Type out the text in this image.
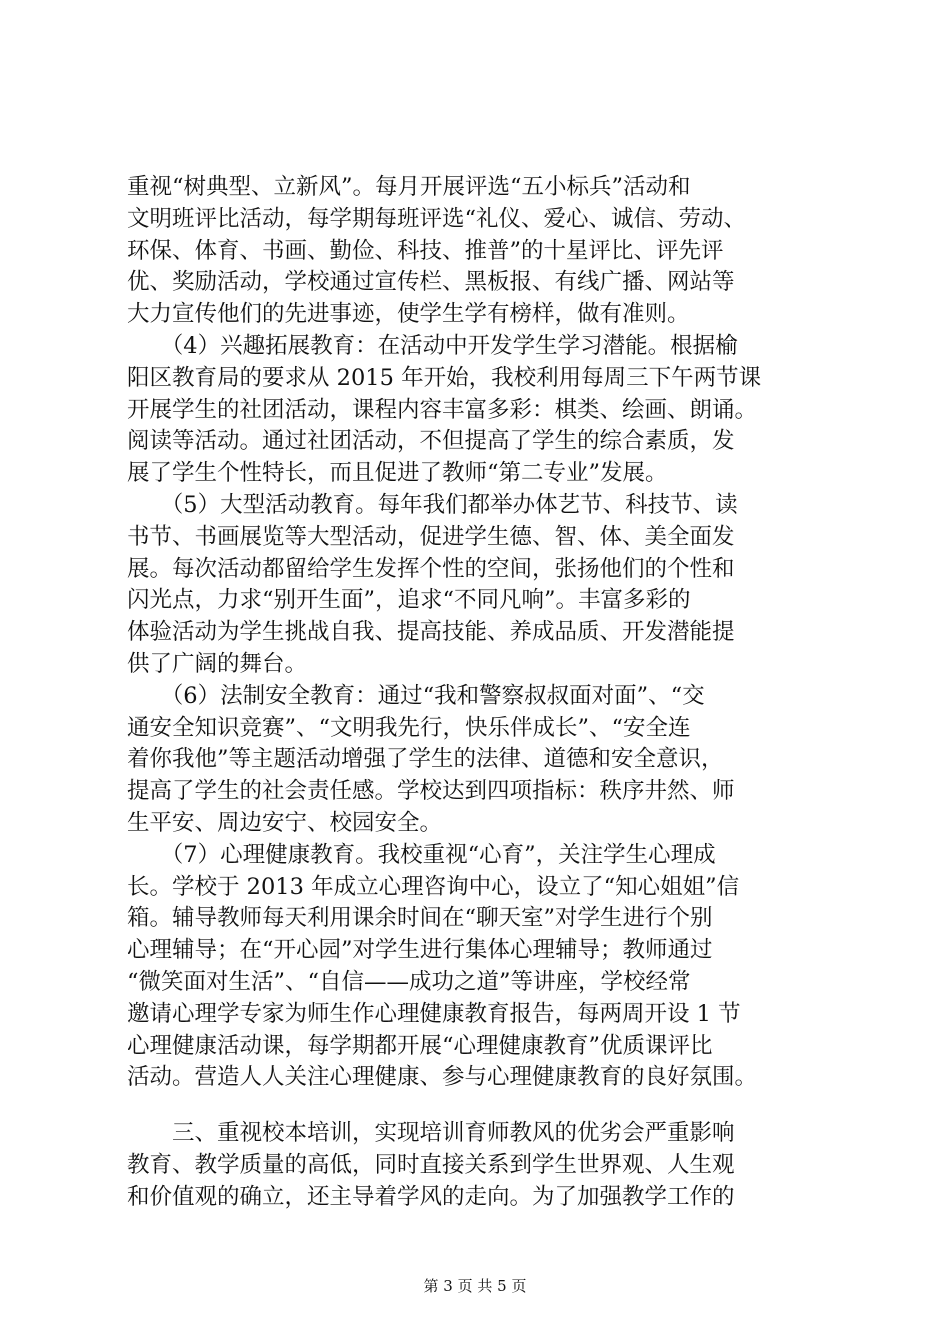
重视“树典型、立新风”。每月开展评选“五小标兵”活动和
文明班评比活动，每学期每班评选“礼仪、爱心、诚信、劳动、
环保、体育、书画、勤俭、科技、推普”的十星评比、评先评
优、奖励活动，学校通过宣传栏、黑板报、有线广播、网站等
大力宣传他们的先进事迹，使学生学有榜样，做有准则。
　　（4）兴趣拓展教育：在活动中开发学生学习潜能。根据榆
阳区教育局的要求从 2015 年开始，我校利用每周三下午两节课
开展学生的社团活动，课程内容丰富多彩：棋类、绘画、朗诵。
阅读等活动。通过社团活动，不但提高了学生的综合素质，发
展了学生个性特长，而且促进了教师“第二专业”发展。
　　（5）大型活动教育。每年我们都举办体艺节、科技节、读
书节、书画展览等大型活动，促进学生德、智、体、美全面发
展。每次活动都留给学生发挥个性的空间，张扬他们的个性和
闪光点，力求“别开生面”，追求“不同凡响”。丰富多彩的
体验活动为学生挑战自我、提高技能、养成品质、开发潜能提
供了广阔的舞台。
　　（6）法制安全教育：通过“我和警察叔叔面对面”、“交
通安全知识竞赛”、“文明我先行，快乐伴成长”、“安全连
着你我他”等主题活动增强了学生的法律、道德和安全意识，
提高了学生的社会责任感。学校达到四项指标：秩序井然、师
生平安、周边安宁、校园安全。
　　（7）心理健康教育。我校重视“心育”，关注学生心理成
长。学校于 2013 年成立心理咨询中心，设立了“知心姐姐”信
箱。辅导教师每天利用课余时间在“聊天室”对学生进行个别
心理辅导；在“开心园”对学生进行集体心理辅导；教师通过
“微笑面对生活”、“自信——成功之道”等讲座，学校经常
邀请心理学专家为师生作心理健康教育报告，每两周开设 1 节
心理健康活动课，每学期都开展“心理健康教育”优质课评比
活动。营造人人关注心理健康、参与心理健康教育的良好氛围。
　　三、重视校本培训，实现培训育师教风的优劣会严重影响
教育、教学质量的高低，同时直接关系到学生世界观、人生观
和价值观的确立，还主导着学风的走向。为了加强教学工作的
第 3 页 共 5 页
